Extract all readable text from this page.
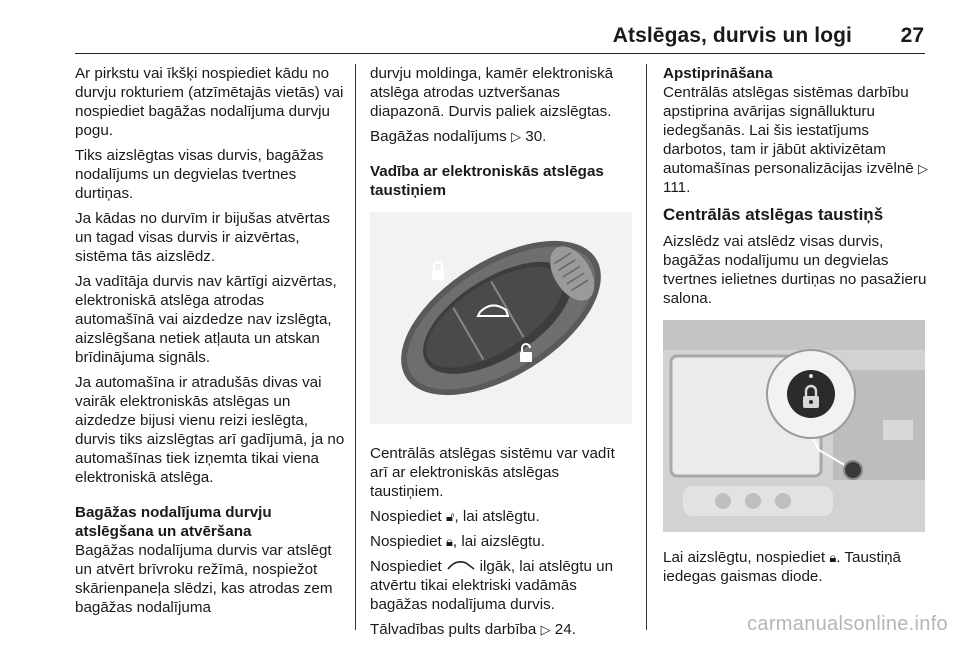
Atslēgas, durvis un logi 27

Ar pirkstu vai īkšķi nospiediet kādu no durvju rokturiem (atzīmētajās vietās) vai nospiediet bagāžas nodalījuma durvju pogu.

Tiks aizslēgtas visas durvis, bagāžas nodalījums un degvielas tvertnes durtiņas.

Ja kādas no durvīm ir bijušas atvērtas un tagad visas durvis ir aizvērtas, sistēma tās aizslēdz.

Ja vadītāja durvis nav kārtīgi aizvērtas, elektroniskā atslēga atrodas automašīnā vai aizdedze nav izslēgta, aizslēgšana netiek atļauta un atskan brīdinājuma signāls.

Ja automašīna ir atradušās divas vai vairāk elektroniskās atslēgas un aizdedze bijusi vienu reizi ieslēgta, durvis tiks aizslēgtas arī gadījumā, ja no automašīnas tiek izņemta tikai viena elektroniskā atslēga.

Bagāžas nodalījuma durvju atslēgšana un atvēršana

Bagāžas nodalījuma durvis var atslēgt un atvērt brīvroku režīmā, nospiežot skārienpaneļa slēdzi, kas atrodas zem bagāžas nodalījuma

durvju moldinga, kamēr elektroniskā atslēga atrodas uztveršanas diapazonā. Durvis paliek aizslēgtas.

Bagāžas nodalījums ▷ 30.

Vadība ar elektroniskās atslēgas taustiņiem

Centrālās atslēgas sistēmu var vadīt arī ar elektroniskās atslēgas taustiņiem.

Nospiediet 🔓︎, lai atslēgtu.

Nospiediet 🔒︎, lai aizslēgtu.

Nospiediet ilgāk, lai atslēgtu un atvērtu tikai elektriski vadāmās bagāžas nodalījuma durvis.

Tālvadības pults darbība ▷ 24.

Apstiprināšana

Centrālās atslēgas sistēmas darbību apstiprina avārijas signāllukturu iedegšanās. Lai šis iestatījums darbotos, tam ir jābūt aktivizētam automašīnas personalizācijas izvēlnē ▷ 111.

Centrālās atslēgas taustiņš

Aizslēdz vai atslēdz visas durvis, bagāžas nodalījumu un degvielas tvertnes ielietnes durtiņas no pasažieru salona.

Lai aizslēgtu, nospiediet 🔒︎. Taustiņā iedegas gaismas diode.

carmanualsonline.info
